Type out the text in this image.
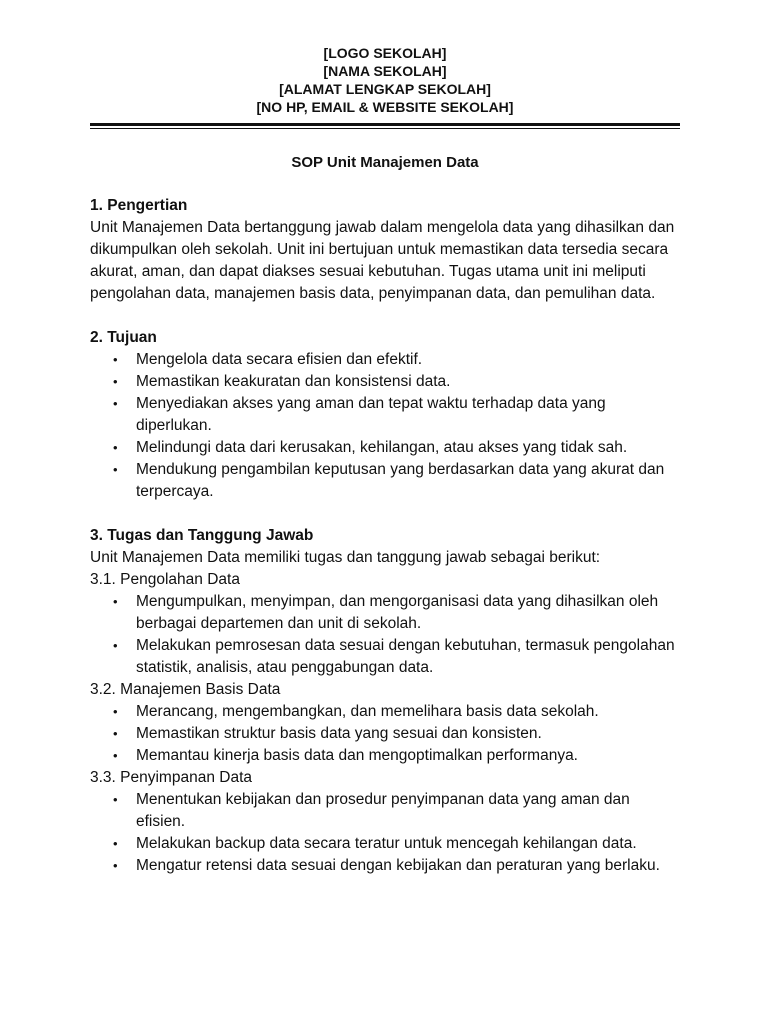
[LOGO SEKOLAH]
[NAMA SEKOLAH]
[ALAMAT LENGKAP SEKOLAH]
[NO HP, EMAIL & WEBSITE SEKOLAH]
SOP Unit Manajemen Data
1. Pengertian
Unit Manajemen Data bertanggung jawab dalam mengelola data yang dihasilkan dan dikumpulkan oleh sekolah. Unit ini bertujuan untuk memastikan data tersedia secara akurat, aman, dan dapat diakses sesuai kebutuhan. Tugas utama unit ini meliputi pengolahan data, manajemen basis data, penyimpanan data, dan pemulihan data.
2. Tujuan
• Mengelola data secara efisien dan efektif.
• Memastikan keakuratan dan konsistensi data.
• Menyediakan akses yang aman dan tepat waktu terhadap data yang diperlukan.
• Melindungi data dari kerusakan, kehilangan, atau akses yang tidak sah.
• Mendukung pengambilan keputusan yang berdasarkan data yang akurat dan terpercaya.
3. Tugas dan Tanggung Jawab
Unit Manajemen Data memiliki tugas dan tanggung jawab sebagai berikut:
3.1. Pengolahan Data
• Mengumpulkan, menyimpan, dan mengorganisasi data yang dihasilkan oleh berbagai departemen dan unit di sekolah.
• Melakukan pemrosesan data sesuai dengan kebutuhan, termasuk pengolahan statistik, analisis, atau penggabungan data.
3.2. Manajemen Basis Data
• Merancang, mengembangkan, dan memelihara basis data sekolah.
• Memastikan struktur basis data yang sesuai dan konsisten.
• Memantau kinerja basis data dan mengoptimalkan performanya.
3.3. Penyimpanan Data
• Menentukan kebijakan dan prosedur penyimpanan data yang aman dan efisien.
• Melakukan backup data secara teratur untuk mencegah kehilangan data.
• Mengatur retensi data sesuai dengan kebijakan dan peraturan yang berlaku.
